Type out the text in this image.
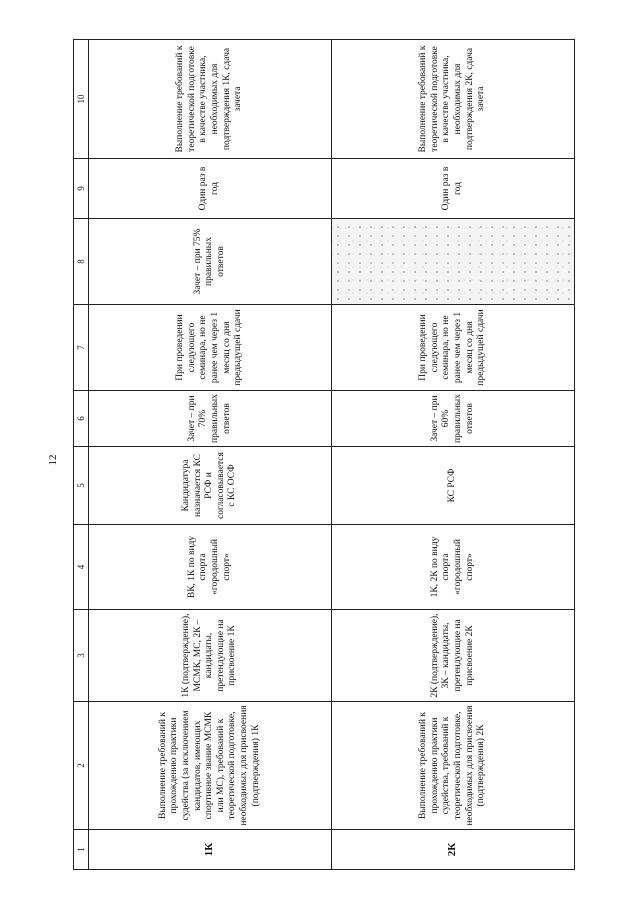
12
1	2	3	4	5	6	7	8	9	10
1К	Выполнение требований к прохождению практики судейства (за исключением кандидатов, имеющих спортивное звание МСМК или МС), требований к теоретической подготовке, необходимых для присвоения (подтверждения) 1К	1К (подтверждение), МСМК, МС, 2К – кандидаты, претендующие на присвоение 1К	ВК, 1К по виду спорта «городошный спорт»	Кандидатура назначается КС РСФ и согласовывается с КС ОСФ	Зачет – при 70% правильных ответов	При проведении следующего семинара, но не ранее чем через 1 месяц со дня предыдущей сдачи	Зачет – при 75% правильных ответов	Один раз в год	Выполнение требований к теоретической подготовке в качестве участника, необходимых для подтверждения 1К, сдача зачета
2К	Выполнение требований к прохождению практики судейства, требований к теоретической подготовке, необходимых для присвоения (подтверждения) 2К	2К (подтверждение), 3К – кандидаты, претендующие на присвоение 2К	1К, 2К по виду спорта «городошный спорт»	КС РСФ	Зачет – при 60% правильных ответов	При проведении следующего семинара, но не ранее чем через 1 месяц со дня предыдущей сдачи		Один раз в год	Выполнение требований к теоретической подготовке в качестве участника, необходимых для подтверждения 2К, сдача зачета
